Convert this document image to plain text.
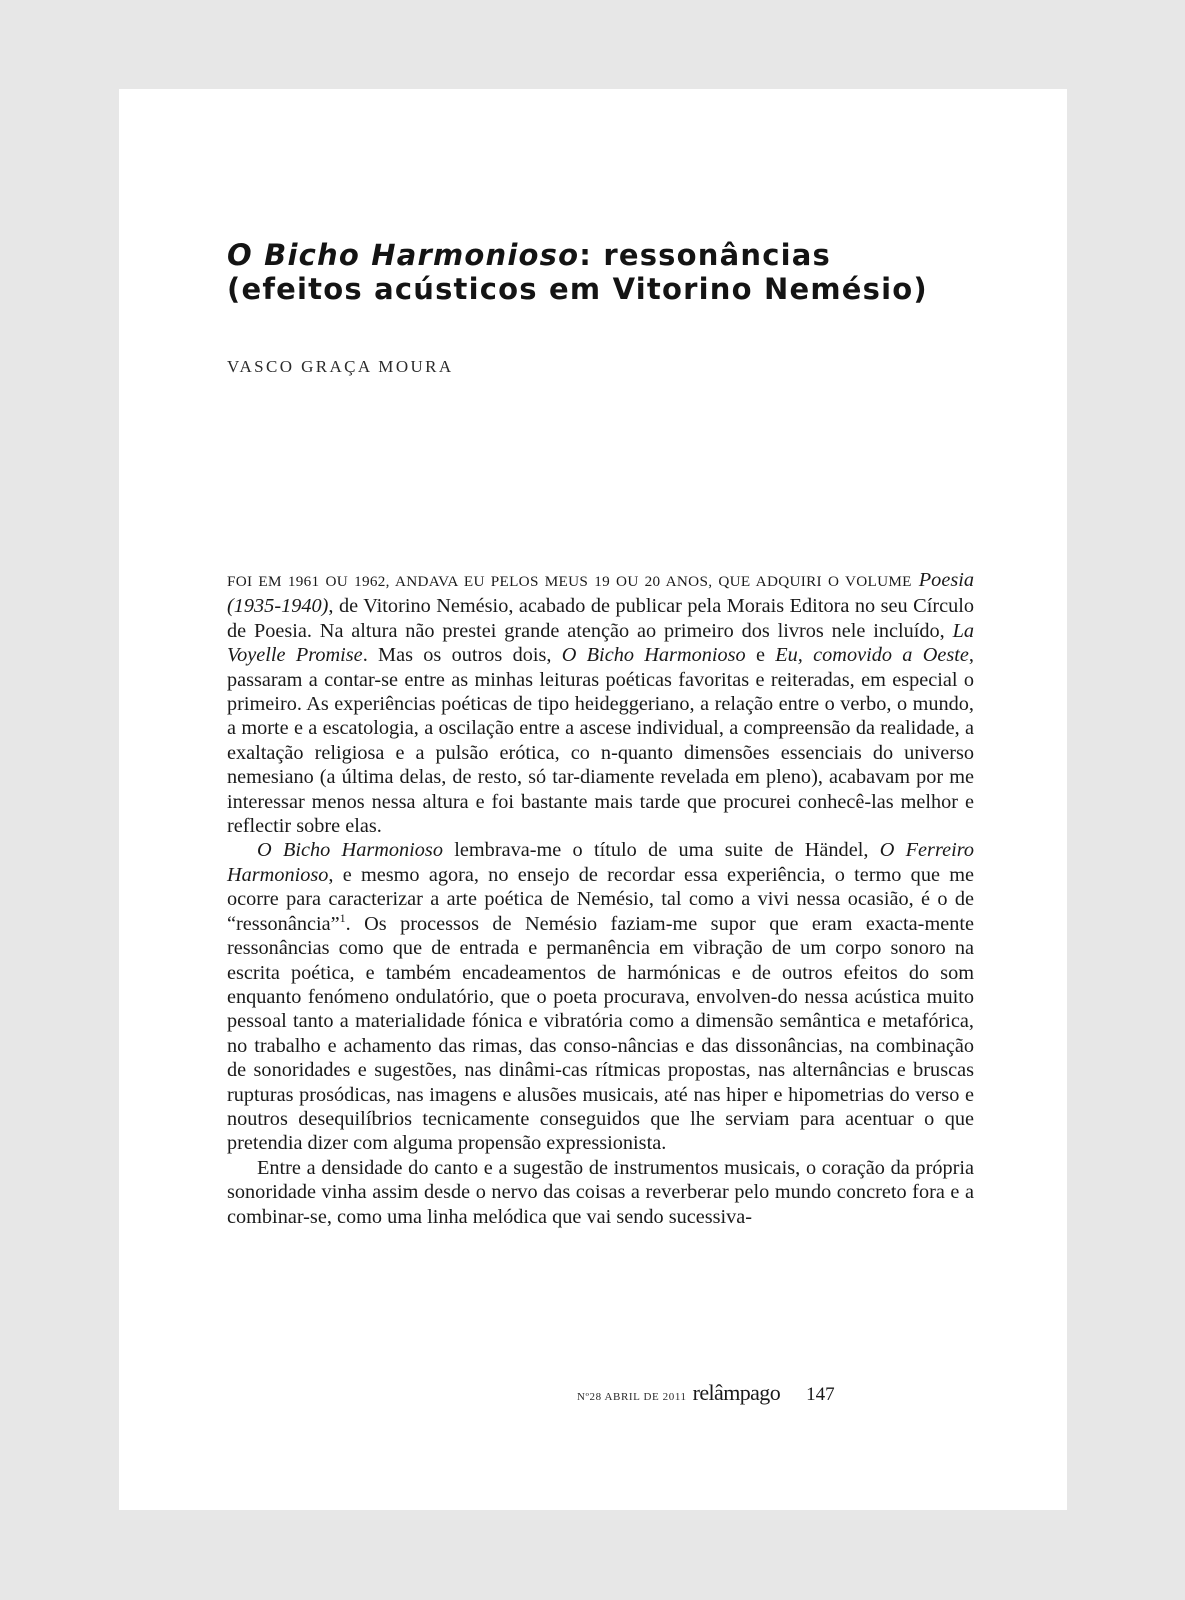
O Bicho Harmonioso: ressonâncias
(efeitos acústicos em Vitorino Nemésio)
VASCO GRAÇA MOURA

FOI EM 1961 OU 1962, ANDAVA EU PELOS MEUS 19 OU 20 ANOS, QUE ADQUIRI O VOLUME Poesia (1935-1940), de Vitorino Nemésio, acabado de publicar pela Morais Editora no seu Círculo de Poesia. Na altura não prestei grande atenção ao primeiro dos livros nele incluído, La Voyelle Promise. Mas os outros dois, O Bicho Harmonioso e Eu, comovido a Oeste, passaram a contar-se entre as minhas leituras poéticas favoritas e reiteradas, em especial o primeiro. As experiências poéticas de tipo heideggeriano, a relação entre o verbo, o mundo, a morte e a escatologia, a oscilação entre a ascese individual, a compreensão da realidade, a exaltação religiosa e a pulsão erótica, co n-quanto dimensões essenciais do universo nemesiano (a última delas, de resto, só tar-diamente revelada em pleno), acabavam por me interessar menos nessa altura e foi bastante mais tarde que procurei conhecê-las melhor e reflectir sobre elas.

O Bicho Harmonioso lembrava-me o título de uma suite de Händel, O Ferreiro Harmonioso, e mesmo agora, no ensejo de recordar essa experiência, o termo que me ocorre para caracterizar a arte poética de Nemésio, tal como a vivi nessa ocasião, é o de “ressonância”$^1$. Os processos de Nemésio faziam-me supor que eram exacta-mente ressonâncias como que de entrada e permanência em vibração de um corpo sonoro na escrita poética, e também encadeamentos de harmónicas e de outros efeitos do som enquanto fenómeno ondulatório, que o poeta procurava, envolven-do nessa acústica muito pessoal tanto a materialidade fónica e vibratória como a dimensão semântica e metafórica, no trabalho e achamento das rimas, das conso-nâncias e das dissonâncias, na combinação de sonoridades e sugestões, nas dinâmi-cas rítmicas propostas, nas alternâncias e bruscas rupturas prosódicas, nas imagens e alusões musicais, até nas hiper e hipometrias do verso e noutros desequilíbrios tecnicamente conseguidos que lhe serviam para acentuar o que pretendia dizer com alguma propensão expressionista.

Entre a densidade do canto e a sugestão de instrumentos musicais, o coração da própria sonoridade vinha assim desde o nervo das coisas a reverberar pelo mundo concreto fora e a combinar-se, como uma linha melódica que vai sendo sucessiva-

Nº28 ABRIL DE 2011 relâmpago 147
